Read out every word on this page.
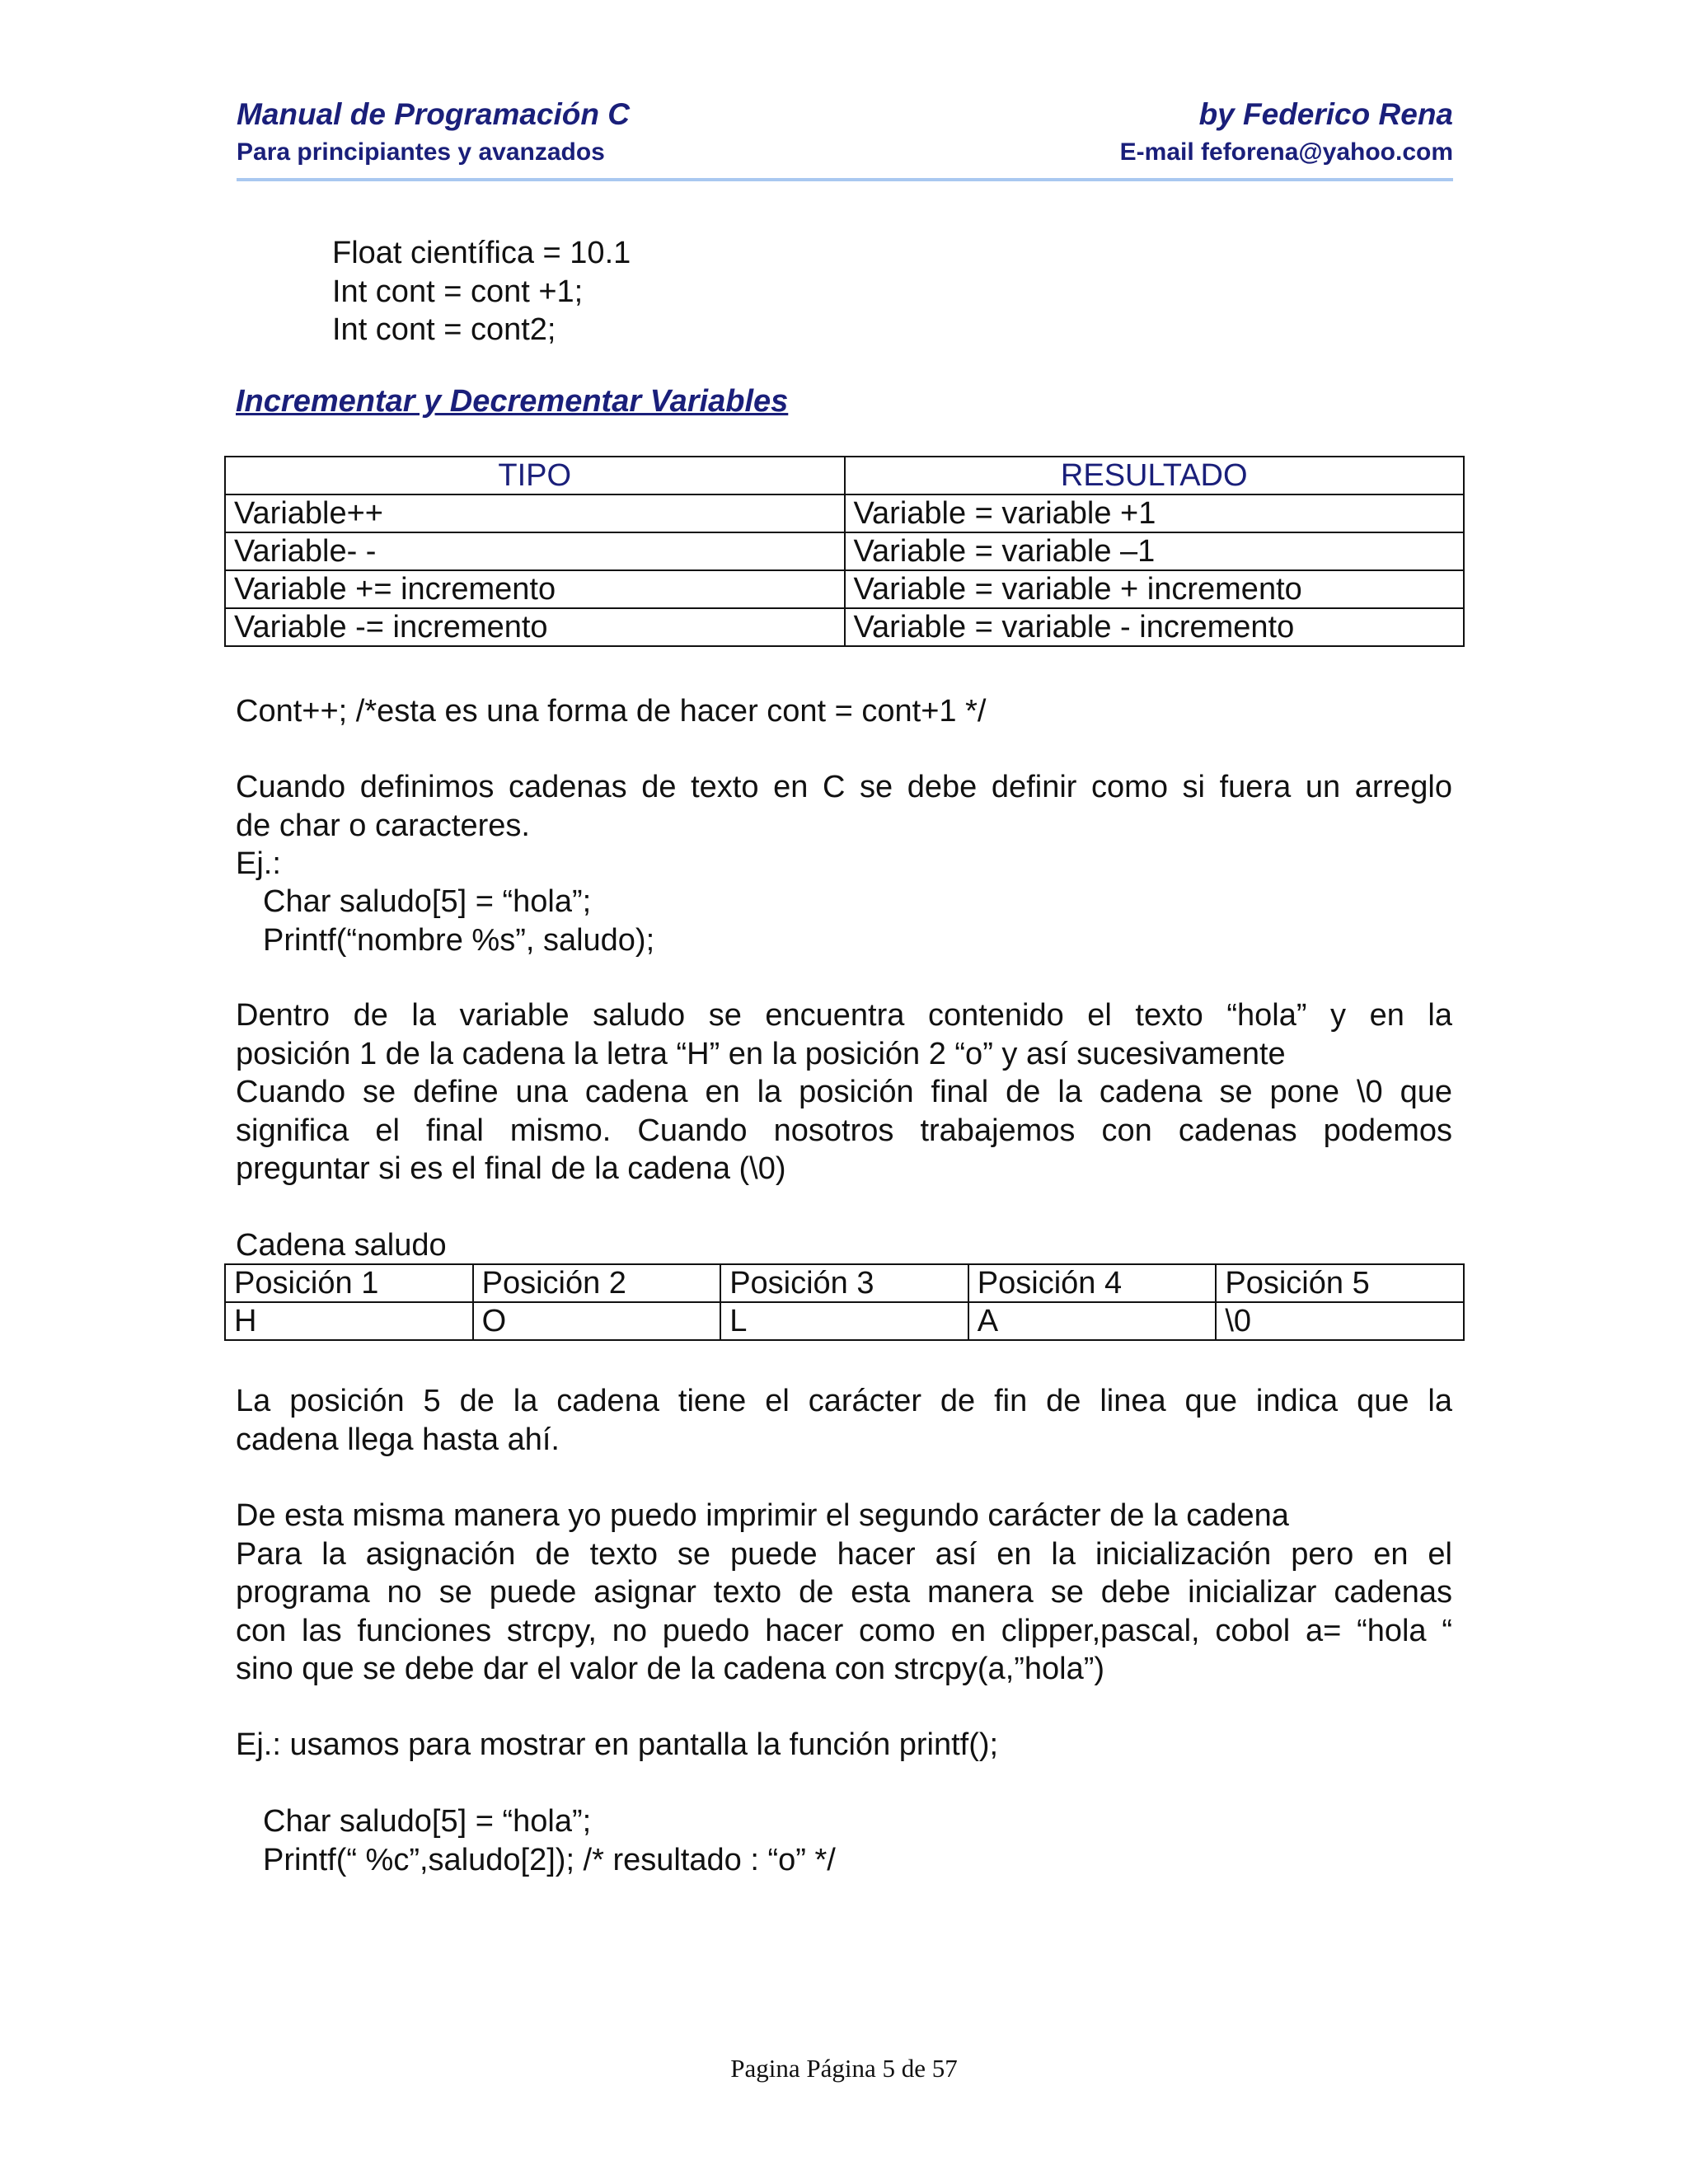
Manual de Programación C
Para principiantes y avanzados
by Federico Rena
E-mail feforena@yahoo.com
Float científica = 10.1
Int cont = cont +1;
Int cont = cont2;
Incrementar y Decrementar Variables
TIPO	RESULTADO
Variable++	Variable = variable +1
Variable- -	Variable = variable –1
Variable += incremento	Variable = variable + incremento
Variable -= incremento	Variable = variable - incremento
Cont++; /*esta es una forma de hacer cont = cont+1 */
Cuando definimos cadenas de texto en C se debe definir como si fuera un arreglo
de char o caracteres.
Ej.:
Char saludo[5] = “hola”;
Printf(“nombre %s”, saludo);
Dentro de la variable saludo se encuentra contenido el texto “hola” y en la
posición 1 de la cadena la letra “H” en la posición 2 “o” y así sucesivamente
Cuando se define una cadena en la posición final de la cadena se pone \0 que
significa el final mismo. Cuando nosotros trabajemos con cadenas podemos
preguntar si es el final de la cadena (\0)
Cadena saludo
Posición 1	Posición 2	Posición 3	Posición 4	Posición 5
H	O	L	A	\0
La posición 5 de la cadena tiene el carácter de fin de linea que indica que la
cadena llega hasta ahí.
De esta misma manera yo puedo imprimir el segundo carácter de la cadena
Para la asignación de texto se puede hacer así en la inicialización pero en el
programa no se puede asignar texto de esta manera se debe inicializar cadenas
con las funciones strcpy, no puedo hacer como en clipper,pascal, cobol a= “hola “
sino que se debe dar el valor de la cadena con strcpy(a,”hola”)
Ej.: usamos para mostrar en pantalla la función printf();
Char saludo[5] = “hola”;
Printf(“ %c”,saludo[2]); /* resultado : “o” */
Pagina Página 5 de 57
